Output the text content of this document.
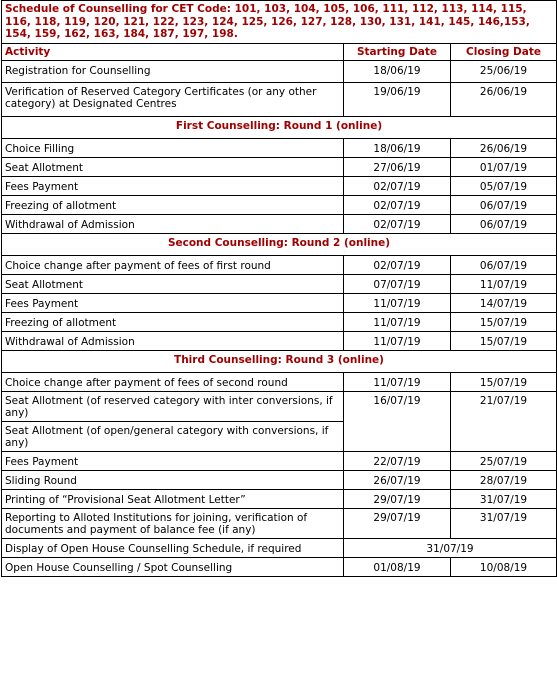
Schedule of Counselling for CET Code: 101, 103, 104, 105, 106, 111, 112, 113, 114, 115, 116, 118, 119, 120, 121, 122, 123, 124, 125, 126, 127, 128, 130, 131, 141, 145, 146,153, 154, 159, 162, 163, 184, 187, 197, 198.		
Activity	Starting Date	Closing Date
Registration for Counselling	18/06/19	25/06/19
Verification of Reserved Category Certificates (or any other category) at Designated Centres	19/06/19	26/06/19
First Counselling: Round 1 (online)		
Choice Filling	18/06/19	26/06/19
Seat Allotment	27/06/19	01/07/19
Fees Payment	02/07/19	05/07/19
Freezing of allotment	02/07/19	06/07/19
Withdrawal of Admission	02/07/19	06/07/19
Second Counselling: Round 2 (online)		
Choice change after payment of fees of first round	02/07/19	06/07/19
Seat Allotment	07/07/19	11/07/19
Fees Payment	11/07/19	14/07/19
Freezing of allotment	11/07/19	15/07/19
Withdrawal of Admission	11/07/19	15/07/19
Third Counselling: Round 3 (online)		
Choice change after payment of fees of second round	11/07/19	15/07/19
Seat Allotment (of reserved category with inter conversions, if any)	16/07/19	21/07/19
Seat Allotment (of open/general category with conversions, if any)		
Fees Payment	22/07/19	25/07/19
Sliding Round	26/07/19	28/07/19
Printing of “Provisional Seat Allotment Letter”	29/07/19	31/07/19
Reporting to Alloted Institutions for joining, verification of documents and payment of balance fee (if any)	29/07/19	31/07/19
Display of Open House Counselling Schedule, if required	31/07/19	
Open House Counselling / Spot Counselling	01/08/19	10/08/19
